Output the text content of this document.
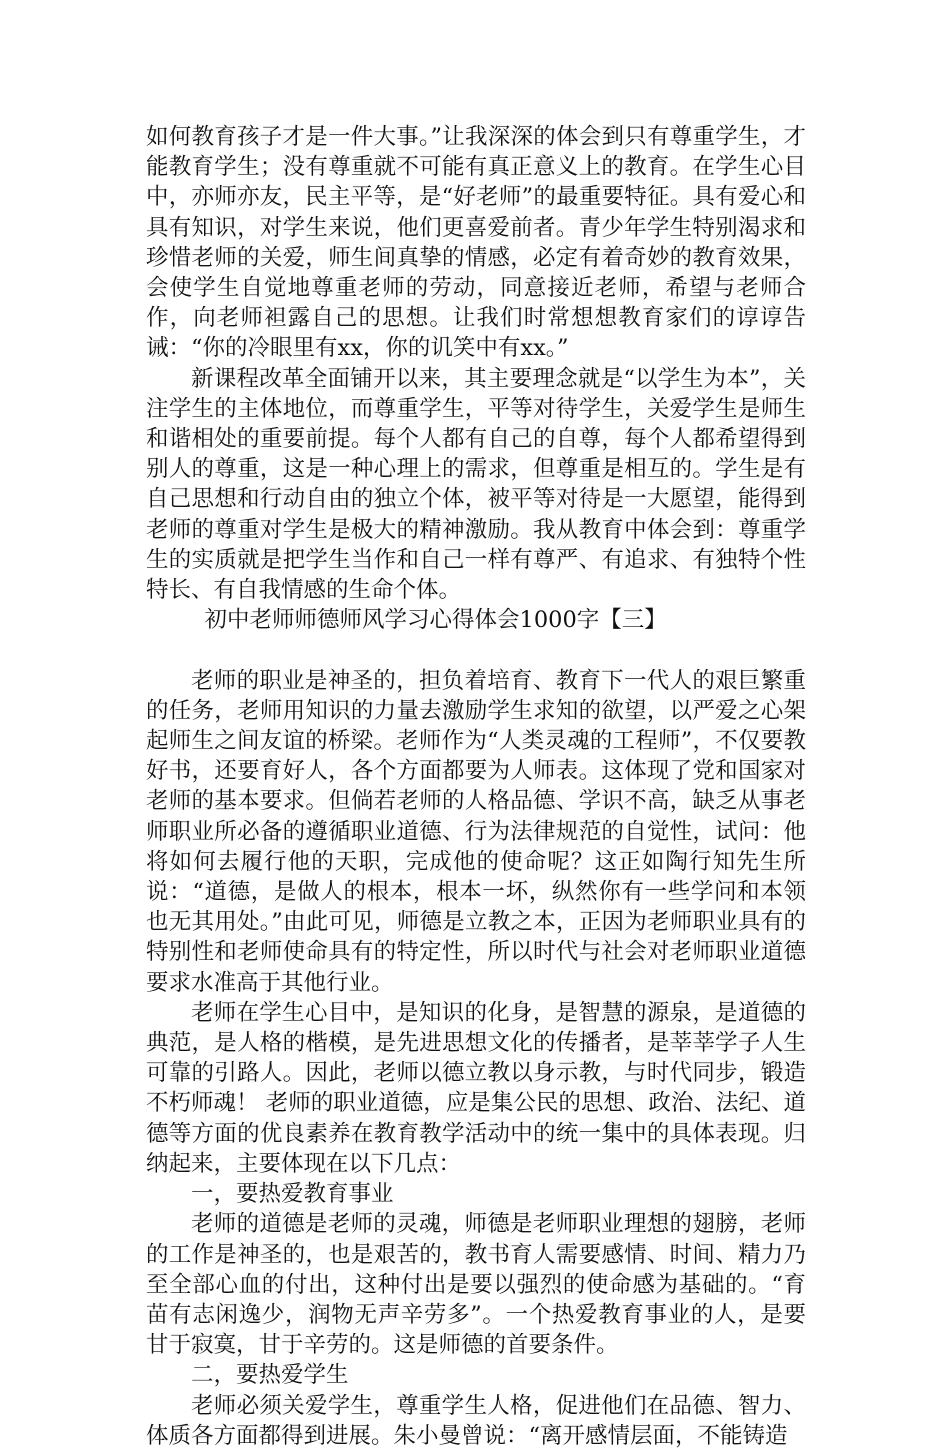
如何教育孩子才是一件大事。”让我深深的体会到只有尊重学生，才能教育学生；没有尊重就不可能有真正意义上的教育。在学生心目中，亦师亦友，民主平等，是“好老师”的最重要特征。具有爱心和具有知识，对学生来说，他们更喜爱前者。青少年学生特别渴求和珍惜老师的关爱，师生间真挚的情感，必定有着奇妙的教育效果，会使学生自觉地尊重老师的劳动，同意接近老师，希望与老师合作，向老师袒露自己的思想。让我们时常想想教育家们的谆谆告诫：“你的冷眼里有xx，你的讥笑中有xx。”

新课程改革全面铺开以来，其主要理念就是“以学生为本”，关注学生的主体地位，而尊重学生，平等对待学生，关爱学生是师生和谐相处的重要前提。每个人都有自己的自尊，每个人都希望得到别人的尊重，这是一种心理上的需求，但尊重是相互的。学生是有自己思想和行动自由的独立个体，被平等对待是一大愿望，能得到老师的尊重对学生是极大的精神激励。我从教育中体会到：尊重学生的实质就是把学生当作和自己一样有尊严、有追求、有独特个性特长、有自我情感的生命个体。

初中老师师德师风学习心得体会1000字【三】

老师的职业是神圣的，担负着培育、教育下一代人的艰巨繁重的任务，老师用知识的力量去激励学生求知的欲望，以严爱之心架起师生之间友谊的桥梁。老师作为“人类灵魂的工程师”，不仅要教好书，还要育好人，各个方面都要为人师表。这体现了党和国家对老师的基本要求。但倘若老师的人格品德、学识不高，缺乏从事老师职业所必备的遵循职业道德、行为法律规范的自觉性，试问：他将如何去履行他的天职，完成他的使命呢？这正如陶行知先生所说：“道德，是做人的根本，根本一坏，纵然你有一些学问和本领也无其用处。”由此可见，师德是立教之本，正因为老师职业具有的特别性和老师使命具有的特定性，所以时代与社会对老师职业道德要求水准高于其他行业。

老师在学生心目中，是知识的化身，是智慧的源泉，是道德的典范，是人格的楷模，是先进思想文化的传播者，是莘莘学子人生可靠的引路人。因此，老师以德立教以身示教，与时代同步，锻造不朽师魂！ 老师的职业道德，应是集公民的思想、政治、法纪、道德等方面的优良素养在教育教学活动中的统一集中的具体表现。归纳起来，主要体现在以下几点：

一，要热爱教育事业

老师的道德是老师的灵魂，师德是老师职业理想的翅膀，老师的工作是神圣的，也是艰苦的，教书育人需要感情、时间、精力乃至全部心血的付出，这种付出是要以强烈的使命感为基础的。“育苗有志闲逸少，润物无声辛劳多”。一个热爱教育事业的人，是要甘于寂寞，甘于辛劳的。这是师德的首要条件。

二，要热爱学生

老师必须关爱学生，尊重学生人格，促进他们在品德、智力、体质各方面都得到进展。朱小曼曾说：“离开感情层面，不能铸造
